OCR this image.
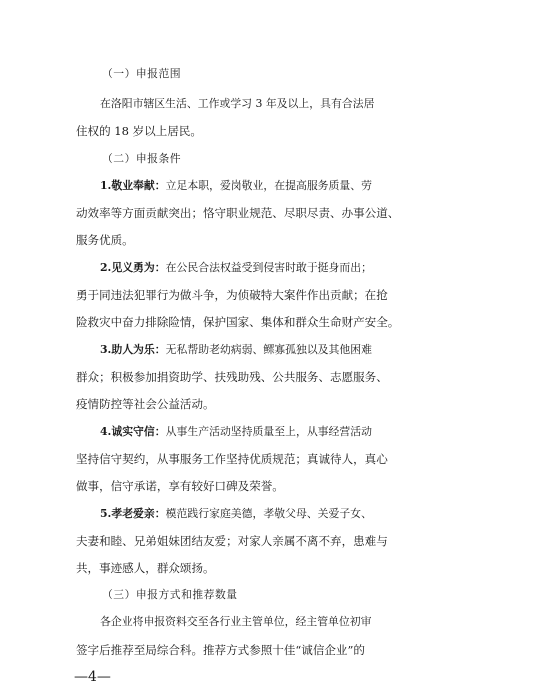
（一）申报范围
在洛阳市辖区生活、工作或学习 3 年及以上，具有合法居
住权的 18 岁以上居民。
（二）申报条件
1.敬业奉献：立足本职，爱岗敬业，在提高服务质量、劳
动效率等方面贡献突出；恪守职业规范、尽职尽责、办事公道、
服务优质。
2.见义勇为：在公民合法权益受到侵害时敢于挺身而出；
勇于同违法犯罪行为做斗争，为侦破特大案件作出贡献；在抢
险救灾中奋力排除险情，保护国家、集体和群众生命财产安全。
3.助人为乐：无私帮助老幼病弱、鳏寡孤独以及其他困难
群众；积极参加捐资助学、扶残助残、公共服务、志愿服务、
疫情防控等社会公益活动。
4.诚实守信：从事生产活动坚持质量至上，从事经营活动
坚持信守契约，从事服务工作坚持优质规范；真诚待人，真心
做事，信守承诺，享有较好口碑及荣誉。
5.孝老爱亲：模范践行家庭美德，孝敬父母、关爱子女、
夫妻和睦、兄弟姐妹团结友爱；对家人亲属不离不弃，患难与
共，事迹感人，群众颂扬。
（三）申报方式和推荐数量
各企业将申报资料交至各行业主管单位，经主管单位初审
签字后推荐至局综合科。推荐方式参照十佳“诚信企业”的
—4—
